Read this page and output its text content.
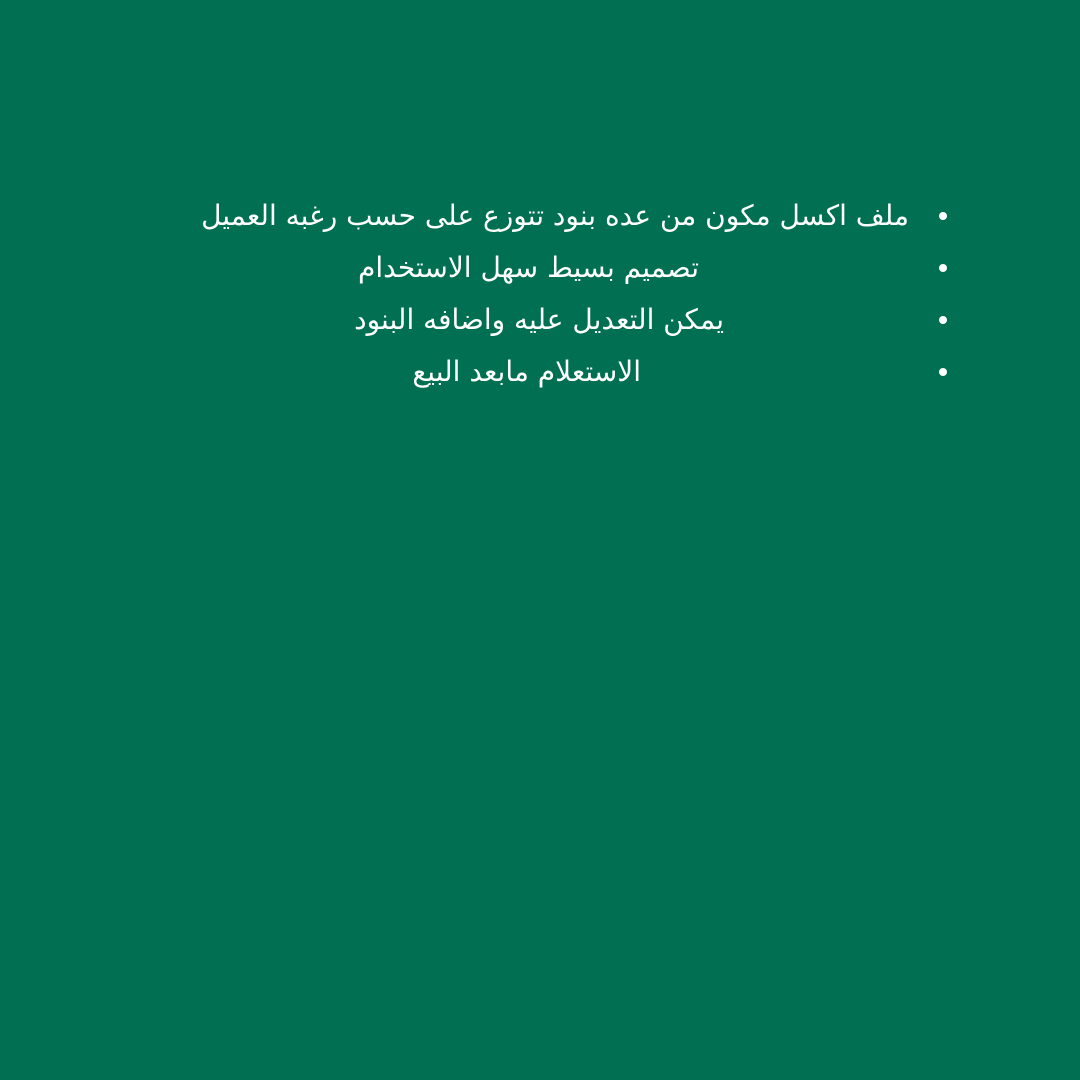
ملف اكسل مكون من عده بنود تتوزع على حسب رغبه العميل
تصميم بسيط سهل الاستخدام
يمكن التعديل عليه واضافه البنود
الاستعلام مابعد البيع
